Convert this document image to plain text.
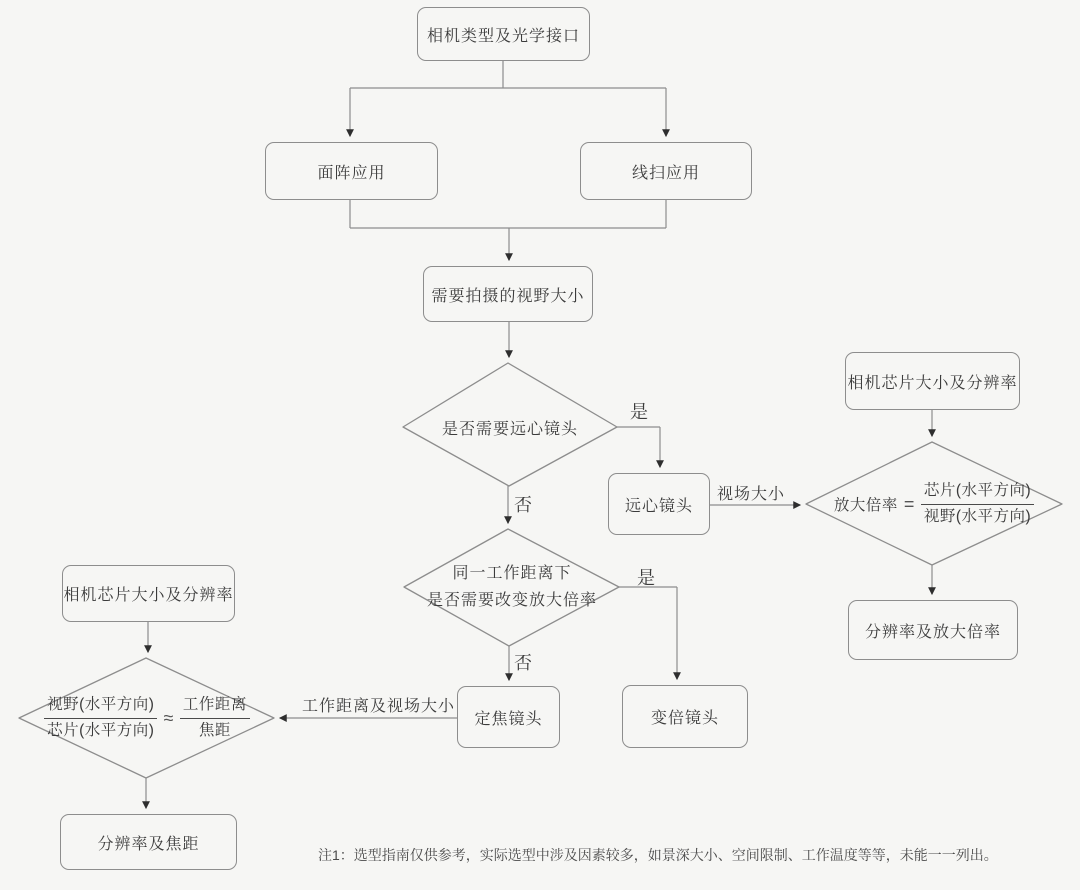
相机类型及光学接口
面阵应用	线扫应用
需要拍摄的视野大小
远心镜头
定焦镜头	变倍镜头
相机芯片大小及分辨率
分辨率及放大倍率
相机芯片大小及分辨率
分辨率及焦距
是否需要远心镜头
同一工作距离下
是否需要改变放大倍率
放大倍率 = $\frac{\text{芯片(水平方向)}}{\text{视野(水平方向)}}$
$\frac{\text{视野(水平方向)}}{\text{芯片(水平方向)}} \approx \frac{\text{工作距离}}{\text{焦距}}$
是
否
是
否
视场大小
工作距离及视场大小
注1：选型指南仅供参考，实际选型中涉及因素较多，如景深大小、空间限制、工作温度等等，未能一一列出。
